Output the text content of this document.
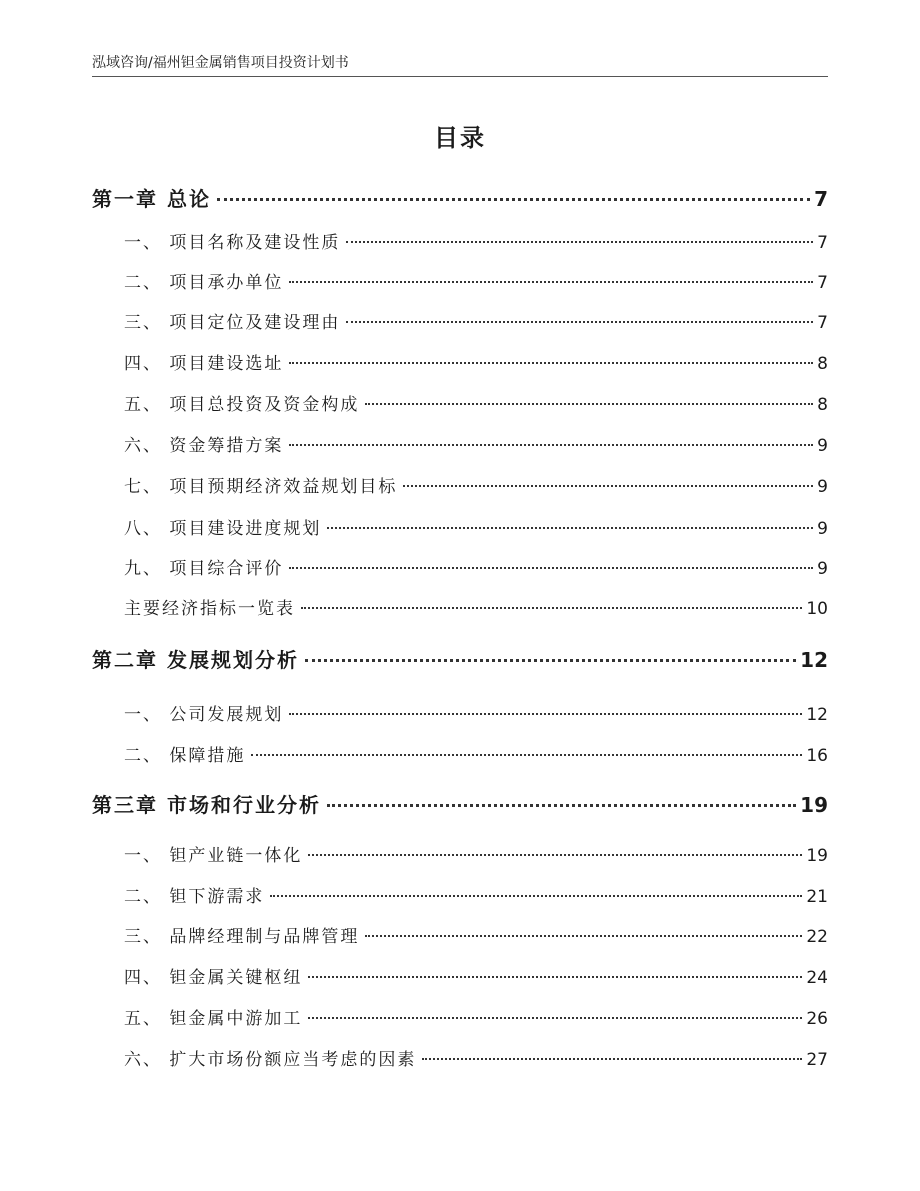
泓域咨询/福州钽金属销售项目投资计划书
目录
第一章 总论	7
一、 项目名称及建设性质	7
二、 项目承办单位	7
三、 项目定位及建设理由	7
四、 项目建设选址	8
五、 项目总投资及资金构成	8
六、 资金筹措方案	9
七、 项目预期经济效益规划目标	9
八、 项目建设进度规划	9
九、 项目综合评价	9
主要经济指标一览表	10
第二章 发展规划分析	12
一、 公司发展规划	12
二、 保障措施	16
第三章 市场和行业分析	19
一、 钽产业链一体化	19
二、 钽下游需求	21
三、 品牌经理制与品牌管理	22
四、 钽金属关键枢纽	24
五、 钽金属中游加工	26
六、 扩大市场份额应当考虑的因素	27
